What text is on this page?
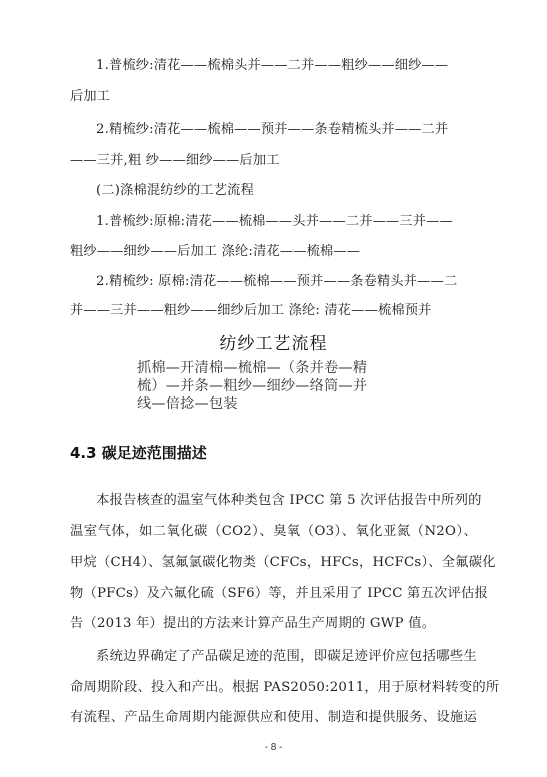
1.普梳纱:清花——梳棉头并——二并——粗纱——细纱——
后加工
2.精梳纱:清花——梳棉——预并——条卷精梳头并——二并
——三并,粗 纱——细纱——后加工
(二)涤棉混纺纱的工艺流程
1.普梳纱:原棉:清花——梳棉——头并——二并——三并——
粗纱——细纱——后加工 涤纶:清花——梳棉——
2.精梳纱: 原棉:清花——梳棉——预并——条卷精头并——二
并——三并——粗纱——细纱后加工 涤纶: 清花——梳棉预并
纺纱工艺流程
抓棉—开清棉—梳棉—（条并卷—精
梳）—并条—粗纱—细纱—络筒—并
线—倍捻—包装
4.3 碳足迹范围描述
本报告核查的温室气体种类包含 IPCC 第 5 次评估报告中所列的
温室气体，如二氧化碳（CO2）、臭氧（O3）、氧化亚氮（N2O）、
甲烷（CH4）、氢氟氯碳化物类（CFCs，HFCs，HCFCs）、全氟碳化
物（PFCs）及六氟化硫（SF6）等，并且采用了 IPCC 第五次评估报
告（2013 年）提出的方法来计算产品生产周期的 GWP 值。
系统边界确定了产品碳足迹的范围，即碳足迹评价应包括哪些生
命周期阶段、投入和产出。根据 PAS2050:2011，用于原材料转变的所
有流程、产品生命周期内能源供应和使用、制造和提供服务、设施运
- 8 -
